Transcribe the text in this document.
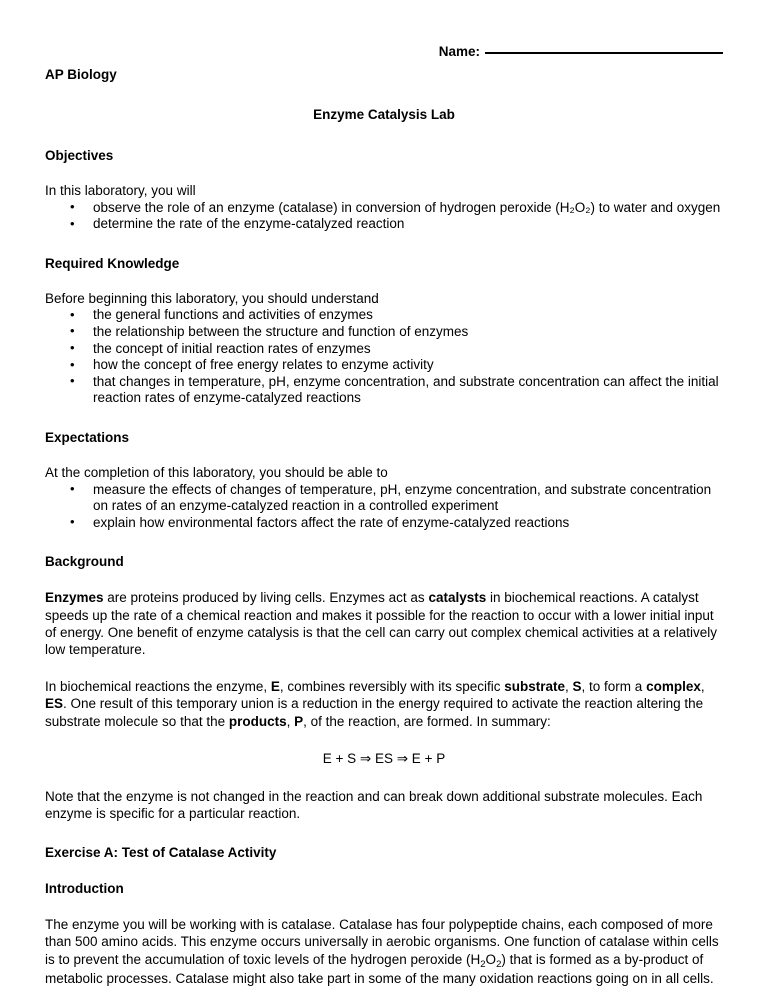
Name:
AP Biology
Enzyme Catalysis Lab
Objectives
In this laboratory, you will
• observe the role of an enzyme (catalase) in conversion of hydrogen peroxide (H₂O₂) to water and oxygen
• determine the rate of the enzyme-catalyzed reaction
Required Knowledge
Before beginning this laboratory, you should understand
• the general functions and activities of enzymes
• the relationship between the structure and function of enzymes
• the concept of initial reaction rates of enzymes
• how the concept of free energy relates to enzyme activity
• that changes in temperature, pH, enzyme concentration, and substrate concentration can affect the initial reaction rates of enzyme-catalyzed reactions
Expectations
At the completion of this laboratory, you should be able to
• measure the effects of changes of temperature, pH, enzyme concentration, and substrate concentration on rates of an enzyme-catalyzed reaction in a controlled experiment
• explain how environmental factors affect the rate of enzyme-catalyzed reactions
Background

Enzymes are proteins produced by living cells. Enzymes act as catalysts in biochemical reactions. A catalyst speeds up the rate of a chemical reaction and makes it possible for the reaction to occur with a lower initial input of energy. One benefit of enzyme catalysis is that the cell can carry out complex chemical activities at a relatively low temperature.

In biochemical reactions the enzyme, E, combines reversibly with its specific substrate, S, to form a complex, ES. One result of this temporary union is a reduction in the energy required to activate the reaction altering the substrate molecule so that the products, P, of the reaction, are formed. In summary:

E + S ⇒ ES ⇒ E + P

Note that the enzyme is not changed in the reaction and can break down additional substrate molecules. Each enzyme is specific for a particular reaction.

Exercise A: Test of Catalase Activity
Introduction

The enzyme you will be working with is catalase. Catalase has four polypeptide chains, each composed of more than 500 amino acids. This enzyme occurs universally in aerobic organisms. One function of catalase within cells is to prevent the accumulation of toxic levels of the hydrogen peroxide $(H_2O_2)$ that is formed as a by-product of metabolic processes. Catalase might also take part in some of the many oxidation reactions going on in all cells.
